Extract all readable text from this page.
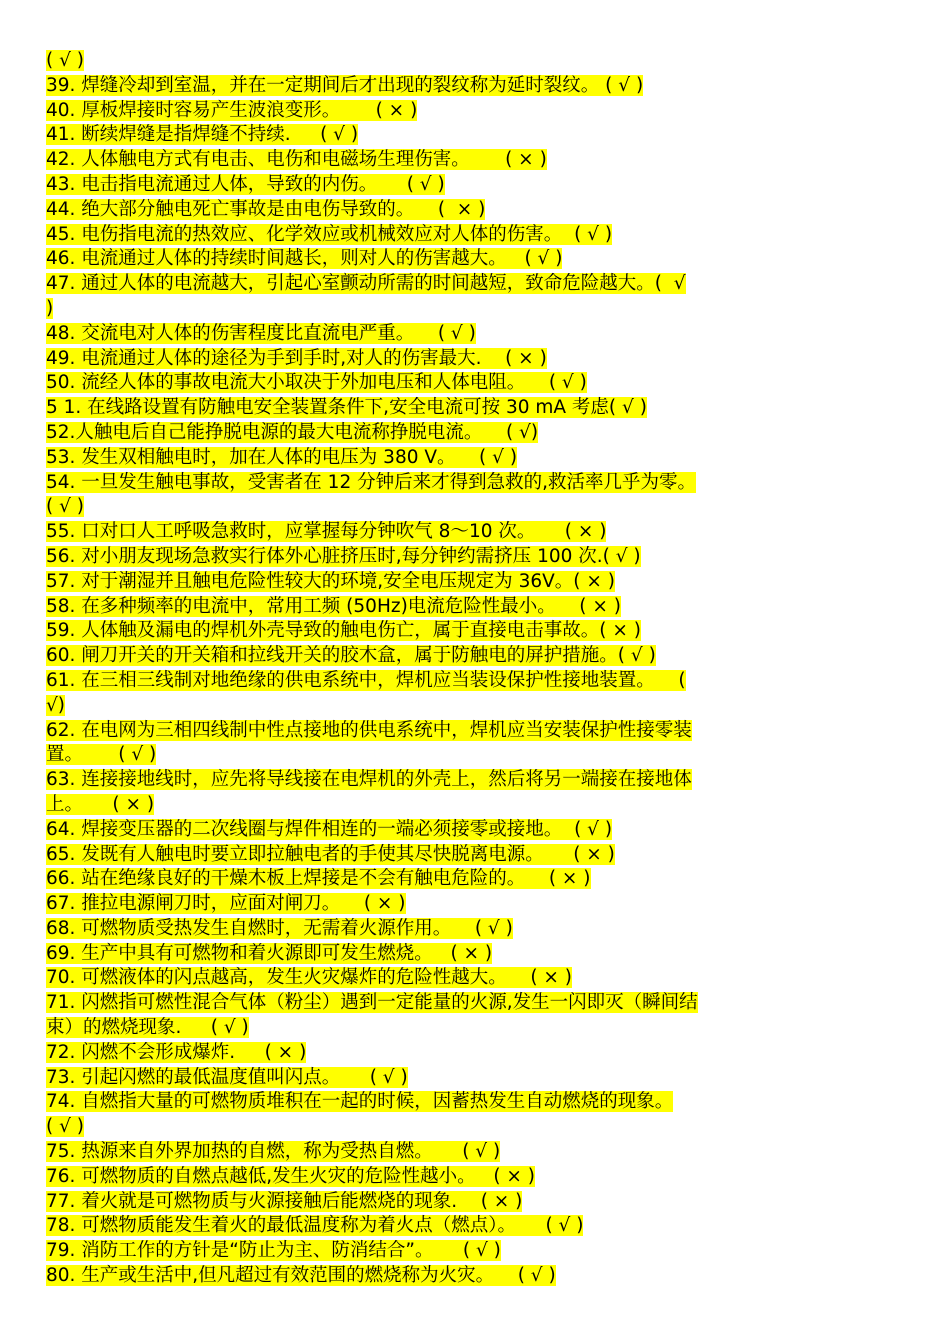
( √ )
39. 焊缝冷却到室温，并在一定期间后才出现的裂纹称为延时裂纹。 ( √ )
40. 厚板焊接时容易产生波浪变形。      ( × )
41. 断续焊缝是指焊缝不持续.     ( √ )
42. 人体触电方式有电击、电伤和电磁场生理伤害。      ( × )
43. 电击指电流通过人体，导致的内伤。     ( √ )
44. 绝大部分触电死亡事故是由电伤导致的。    (  × )
45. 电伤指电流的热效应、化学效应或机械效应对人体的伤害。  ( √ )
46. 电流通过人体的持续时间越长，则对人的伤害越大。   ( √ )
47. 通过人体的电流越大，引起心室颤动所需的时间越短，致命危险越大。(  √
)
48. 交流电对人体的伤害程度比直流电严重。    ( √ )
49. 电流通过人体的途径为手到手时,对人的伤害最大.    ( × )
50. 流经人体的事故电流大小取决于外加电压和人体电阻。    ( √ )
5 1. 在线路设置有防触电安全装置条件下,安全电流可按 30 mA 考虑( √ )
52.人触电后自己能挣脱电源的最大电流称挣脱电流。    ( √)
53. 发生双相触电时，加在人体的电压为 380 V。    ( √ )
54. 一旦发生触电事故，受害者在 12 分钟后来才得到急救的,救活率几乎为零。
( √ )
55. 口对口人工呼吸急救时，应掌握每分钟吹气 8～10 次。     ( × )
56. 对小朋友现场急救实行体外心脏挤压时,每分钟约需挤压 100 次.( √ )
57. 对于潮湿并且触电危险性较大的环境,安全电压规定为 36V。( × )
58. 在多种频率的电流中，常用工频 (50Hz)电流危险性最小。    ( × )
59. 人体触及漏电的焊机外壳导致的触电伤亡，属于直接电击事故。( × )
60. 闸刀开关的开关箱和拉线开关的胶木盒，属于防触电的屏护措施。( √ )
61. 在三相三线制对地绝缘的供电系统中，焊机应当装设保护性接地装置。    (
√)
62. 在电网为三相四线制中性点接地的供电系统中，焊机应当安装保护性接零装
置。      ( √ )
63. 连接接地线时，应先将导线接在电焊机的外壳上，然后将另一端接在接地体
上。     ( × )
64. 焊接变压器的二次线圈与焊件相连的一端必须接零或接地。  ( √ )
65. 发既有人触电时要立即拉触电者的手使其尽快脱离电源。     ( × )
66. 站在绝缘良好的干燥木板上焊接是不会有触电危险的。    ( × )
67. 推拉电源闸刀时，应面对闸刀。    ( × )
68. 可燃物质受热发生自燃时，无需着火源作用。    ( √ )
69. 生产中具有可燃物和着火源即可发生燃烧。   ( × )
70. 可燃液体的闪点越高，发生火灾爆炸的危险性越大。    ( × )
71. 闪燃指可燃性混合气体（粉尘）遇到一定能量的火源,发生一闪即灭（瞬间结
束）的燃烧现象.     ( √ )
72. 闪燃不会形成爆炸.     ( × )
73. 引起闪燃的最低温度值叫闪点。     ( √ )
74. 自燃指大量的可燃物质堆积在一起的时候，因蓄热发生自动燃烧的现象。
( √ )
75. 热源来自外界加热的自燃，称为受热自燃。     ( √ )
76. 可燃物质的自燃点越低,发生火灾的危险性越小。   ( × )
77. 着火就是可燃物质与火源接触后能燃烧的现象.    ( × )
78. 可燃物质能发生着火的最低温度称为着火点（燃点）。     ( √ )
79. 消防工作的方针是“防止为主、防消结合”。     ( √ )
80. 生产或生活中,但凡超过有效范围的燃烧称为火灾。    ( √ )
